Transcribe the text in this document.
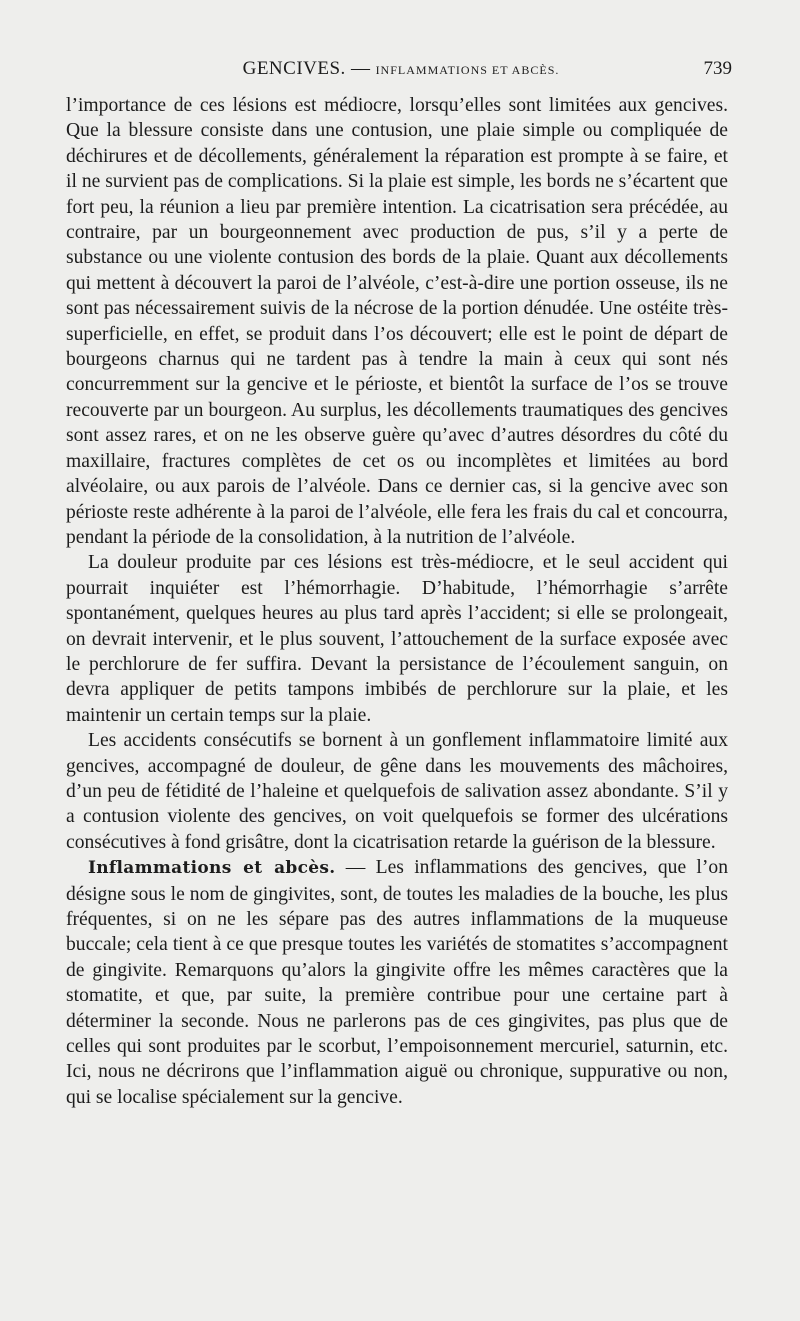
GENCIVES. — INFLAMMATIONS ET ABCÈS.	739

l’importance de ces lésions est médiocre, lorsqu’elles sont limitées aux gencives. Que la blessure consiste dans une contusion, une plaie simple ou compliquée de déchirures et de décollements, généralement la réparation est prompte à se faire, et il ne survient pas de complications. Si la plaie est simple, les bords ne s’écartent que fort peu, la réunion a lieu par première intention. La cicatrisation sera précédée, au contraire, par un bourgeonnement avec production de pus, s’il y a perte de substance ou une violente contusion des bords de la plaie. Quant aux décollements qui mettent à découvert la paroi de l’alvéole, c’est-à-dire une portion osseuse, ils ne sont pas nécessairement suivis de la nécrose de la portion dénudée. Une ostéite très-superficielle, en effet, se produit dans l’os découvert; elle est le point de départ de bourgeons charnus qui ne tardent pas à tendre la main à ceux qui sont nés concurremment sur la gencive et le périoste, et bientôt la surface de l’os se trouve recouverte par un bourgeon. Au surplus, les décollements traumatiques des gencives sont assez rares, et on ne les observe guère qu’avec d’autres désordres du côté du maxillaire, fractures complètes de cet os ou incomplètes et limitées au bord alvéolaire, ou aux parois de l’alvéole. Dans ce dernier cas, si la gencive avec son périoste reste adhérente à la paroi de l’alvéole, elle fera les frais du cal et concourra, pendant la période de la consolidation, à la nutrition de l’alvéole.

La douleur produite par ces lésions est très-médiocre, et le seul accident qui pourrait inquiéter est l’hémorrhagie. D’habitude, l’hémorrhagie s’arrête spontanément, quelques heures au plus tard après l’accident; si elle se prolongeait, on devrait intervenir, et le plus souvent, l’attouchement de la surface exposée avec le perchlorure de fer suffira. Devant la persistance de l’écoulement sanguin, on devra appliquer de petits tampons imbibés de perchlorure sur la plaie, et les maintenir un certain temps sur la plaie.

Les accidents consécutifs se bornent à un gonflement inflammatoire limité aux gencives, accompagné de douleur, de gêne dans les mouvements des mâchoires, d’un peu de fétidité de l’haleine et quelquefois de salivation assez abondante. S’il y a contusion violente des gencives, on voit quelquefois se former des ulcérations consécutives à fond grisâtre, dont la cicatrisation retarde la guérison de la blessure.

Inflammations et abcès. — Les inflammations des gencives, que l’on désigne sous le nom de gingivites, sont, de toutes les maladies de la bouche, les plus fréquentes, si on ne les sépare pas des autres inflammations de la muqueuse buccale; cela tient à ce que presque toutes les variétés de stomatites s’accompagnent de gingivite. Remarquons qu’alors la gingivite offre les mêmes caractères que la stomatite, et que, par suite, la première contribue pour une certaine part à déterminer la seconde. Nous ne parlerons pas de ces gingivites, pas plus que de celles qui sont produites par le scorbut, l’empoisonnement mercuriel, saturnin, etc. Ici, nous ne décrirons que l’inflammation aiguë ou chronique, suppurative ou non, qui se localise spécialement sur la gencive.
